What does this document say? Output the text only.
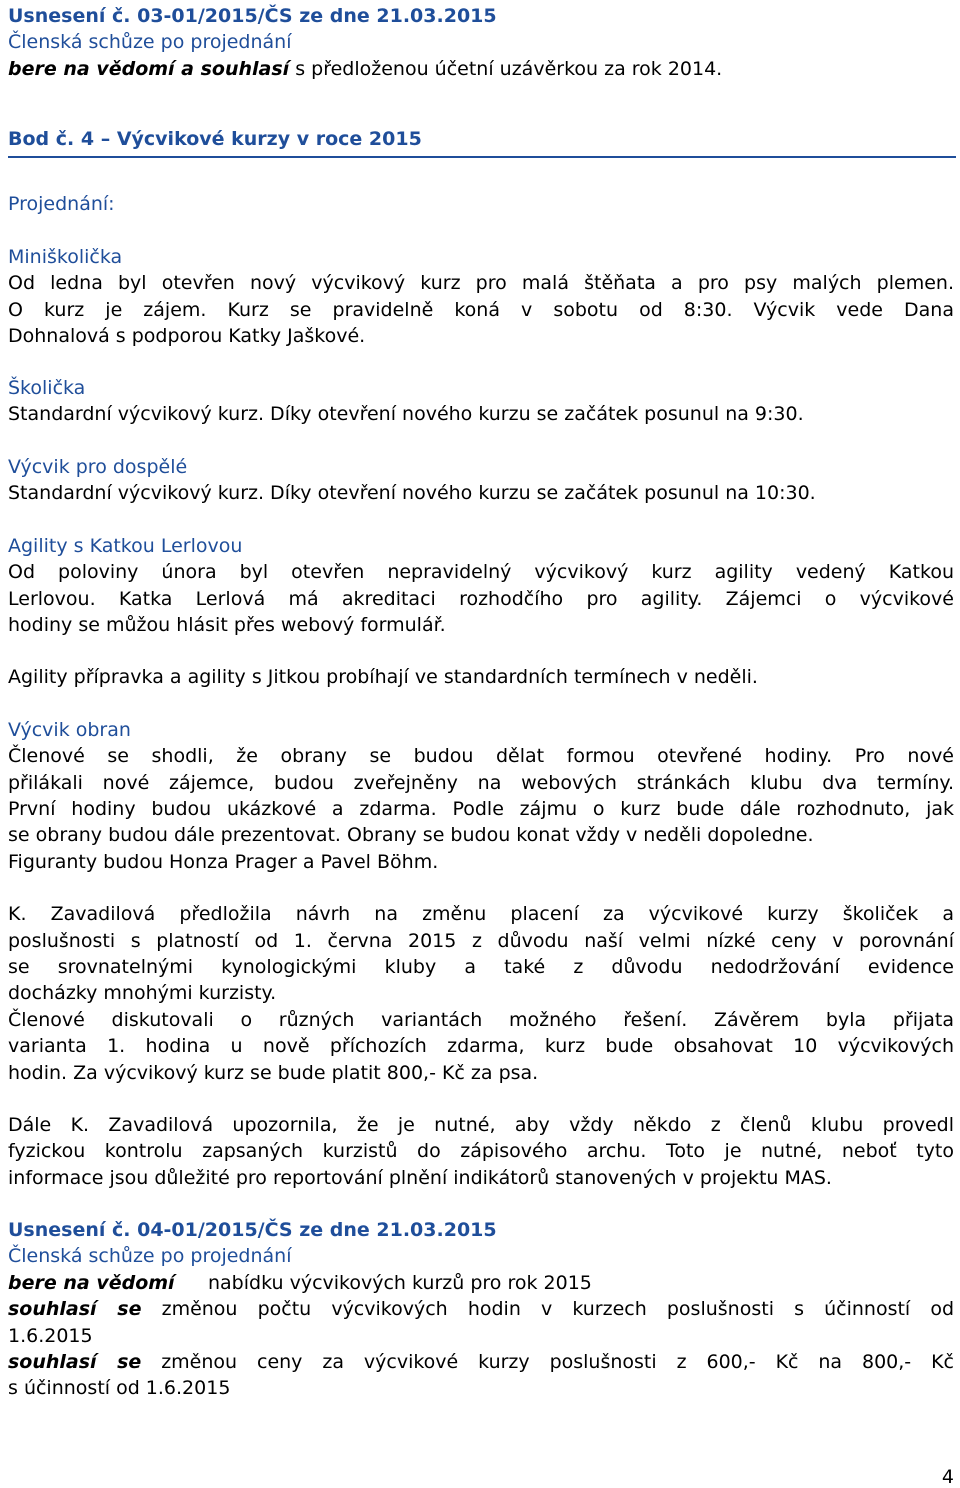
Usnesení č. 03-01/2015/ČS ze dne 21.03.2015
Členská schůze po projednání
bere na vědomí a souhlasí s předloženou účetní uzávěrkou za rok 2014.
Bod č. 4 – Výcvikové kurzy v roce 2015
Projednání:
Miniškolička
Od ledna byl otevřen nový výcvikový kurz pro malá štěňata a pro psy malých plemen.
O kurz je zájem. Kurz se pravidelně koná v sobotu od 8:30. Výcvik vede Dana
Dohnalová s podporou Katky Jaškové.
Školička
Standardní výcvikový kurz. Díky otevření nového kurzu se začátek posunul na 9:30.
Výcvik pro dospělé
Standardní výcvikový kurz. Díky otevření nového kurzu se začátek posunul na 10:30.
Agility s Katkou Lerlovou
Od poloviny února byl otevřen nepravidelný výcvikový kurz agility vedený Katkou
Lerlovou. Katka Lerlová má akreditaci rozhodčího pro agility. Zájemci o výcvikové
hodiny se můžou hlásit přes webový formulář.
Agility přípravka a agility s Jitkou probíhají ve standardních termínech v neděli.
Výcvik obran
Členové se shodli, že obrany se budou dělat formou otevřené hodiny. Pro nové
přilákali nové zájemce, budou zveřejněny na webových stránkách klubu dva termíny.
První hodiny budou ukázkové a zdarma. Podle zájmu o kurz bude dále rozhodnuto, jak
se obrany budou dále prezentovat. Obrany se budou konat vždy v neděli dopoledne.
Figuranty budou Honza Prager a Pavel Böhm.
K. Zavadilová předložila návrh na změnu placení za výcvikové kurzy školiček a
poslušnosti s platností od 1. června 2015 z důvodu naší velmi nízké ceny v porovnání
se srovnatelnými kynologickými kluby a také z důvodu nedodržování evidence
docházky mnohými kurzisty.
Členové diskutovali o různých variantách možného řešení. Závěrem byla přijata
varianta 1. hodina u nově příchozích zdarma, kurz bude obsahovat 10 výcvikových
hodin. Za výcvikový kurz se bude platit 800,- Kč za psa.
Dále K. Zavadilová upozornila, že je nutné, aby vždy někdo z členů klubu provedl
fyzickou kontrolu zapsaných kurzistů do zápisového archu. Toto je nutné, neboť tyto
informace jsou důležité pro reportování plnění indikátorů stanovených v projektu MAS.
Usnesení č. 04-01/2015/ČS ze dne 21.03.2015
Členská schůze po projednání
bere na vědomí nabídku výcvikových kurzů pro rok 2015
souhlasí se změnou počtu výcvikových hodin v kurzech poslušnosti s účinností od
1.6.2015
souhlasí se změnou ceny za výcvikové kurzy poslušnosti z 600,- Kč na 800,- Kč
s účinností od 1.6.2015
4
